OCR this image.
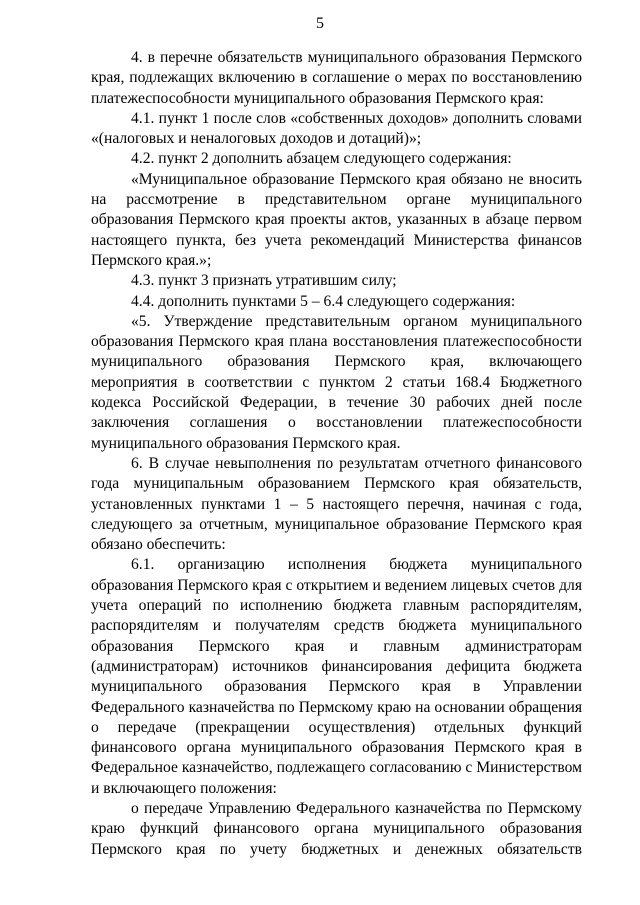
5

4. в перечне обязательств муниципального образования Пермского края, подлежащих включению в соглашение о мерах по восстановлению платежеспособности муниципального образования Пермского края:

4.1. пункт 1 после слов «собственных доходов» дополнить словами «(налоговых и неналоговых доходов и дотаций)»;

4.2. пункт 2 дополнить абзацем следующего содержания:

«Муниципальное образование Пермского края обязано не вносить на рассмотрение в представительном органе муниципального образования Пермского края проекты актов, указанных в абзаце первом настоящего пункта, без учета рекомендаций Министерства финансов Пермского края.»;

4.3. пункт 3 признать утратившим силу;

4.4. дополнить пунктами 5 – 6.4 следующего содержания:

«5. Утверждение представительным органом муниципального образования Пермского края плана восстановления платежеспособности муниципального образования Пермского края, включающего мероприятия в соответствии с пунктом 2 статьи 168.4 Бюджетного кодекса Российской Федерации, в течение 30 рабочих дней после заключения соглашения о восстановлении платежеспособности муниципального образования Пермского края.

6. В случае невыполнения по результатам отчетного финансового года муниципальным образованием Пермского края обязательств, установленных пунктами 1 – 5 настоящего перечня, начиная с года, следующего за отчетным, муниципальное образование Пермского края обязано обеспечить:

6.1. организацию исполнения бюджета муниципального образования Пермского края с открытием и ведением лицевых счетов для учета операций по исполнению бюджета главным распорядителям, распорядителям и получателям средств бюджета муниципального образования Пермского края и главным администраторам (администраторам) источников финансирования дефицита бюджета муниципального образования Пермского края в Управлении Федерального казначейства по Пермскому краю на основании обращения о передаче (прекращении осуществления) отдельных функций финансового органа муниципального образования Пермского края в Федеральное казначейство, подлежащего согласованию с Министерством и включающего положения:

о передаче Управлению Федерального казначейства по Пермскому краю функций финансового органа муниципального образования Пермского края по учету бюджетных и денежных обязательств
